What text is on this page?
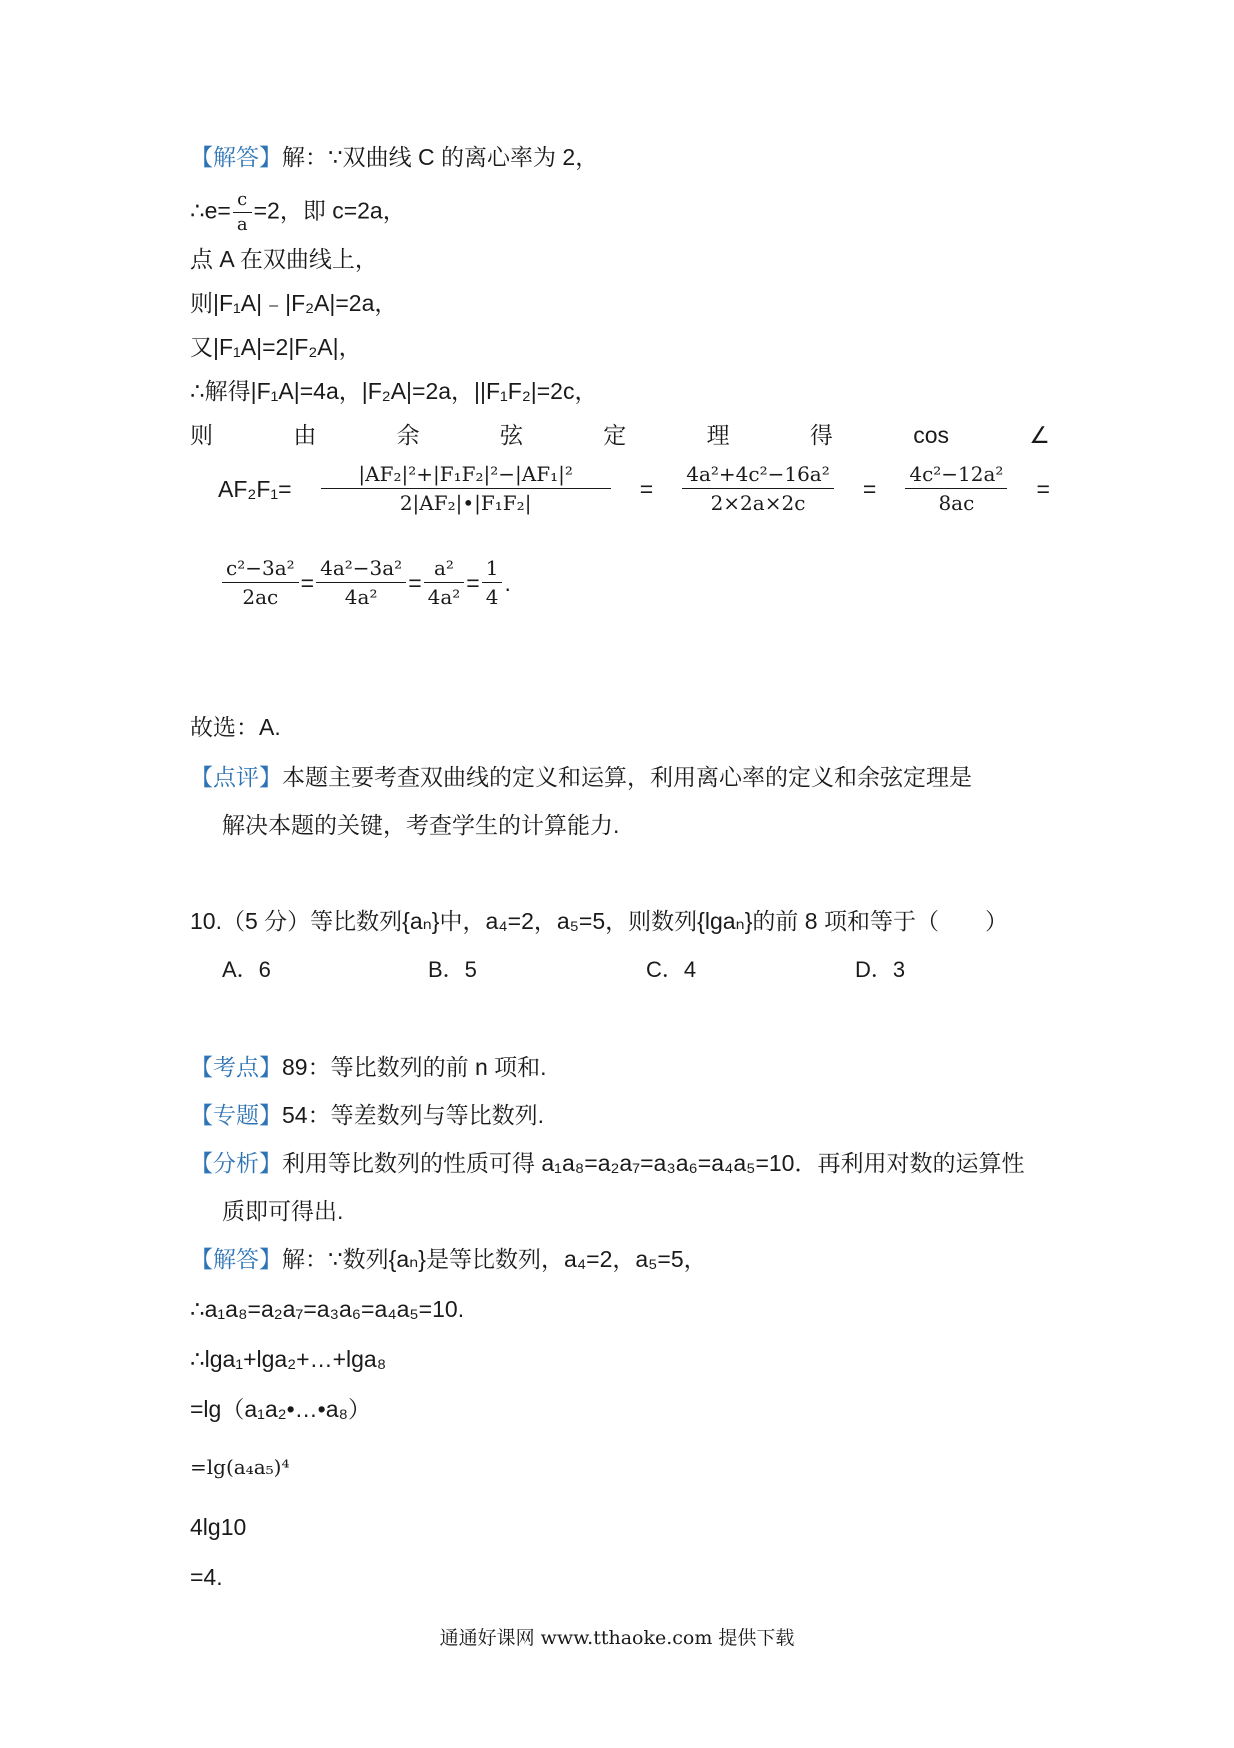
【解答】解：∵双曲线 C 的离心率为 2，
∴e= $\frac{c}{a} =2$，即 c=2a，
点 A 在双曲线上，
则|F₁A|﹣|F₂A|=2a，
又|F₁A|=2|F₂A|，
∴解得|F₁A|=4a，|F₂A|=2a，||F₁F₂|=2c，
则	由	余	弦	定	理	得	cos	∠
$AF_2F_1= \frac{\text{|AF₂|²+|F₁F₂|²−|AF₁|²}}{\text{2|AF₂|•|F₁F₂|}} = \frac{\text{4a²+4c²−16a²}}{2\times 2a\times 2c} = \frac{\text{4c²−12a²}}{8ac}$ =
$\frac{\text{c²−3a²}}{2ac} = \frac{\text{4a²−3a²}}{\text{4a²}} = \frac{\text{a²}}{\text{4a²}} = \frac{1}{4}$ .
故选：A.
【点评】本题主要考查双曲线的定义和运算，利用离心率的定义和余弦定理是
解决本题的关键，考查学生的计算能力.
10.（5 分）等比数列{aₙ}中，a₄=2，a₅=5，则数列{lgaₙ}的前 8 项和等于（　　）
A．6	B．5	C．4	D．3
【考点】89：等比数列的前 n 项和.
【专题】54：等差数列与等比数列.
【分析】利用等比数列的性质可得 a₁a₈=a₂a₇=a₃a₆=a₄a₅=10．再利用对数的运算性
质即可得出.
【解答】解：∵数列{aₙ}是等比数列，a₄=2，a₅=5，
∴a₁a₈=a₂a₇=a₃a₆=a₄a₅=10.
∴lga₁+lga₂+…+lga₈
=lg（a₁a₂•…•a₈）
=lg(a₄a₅)⁴
4lg10
=4.
通通好课网 www.tthaoke.com 提供下载
